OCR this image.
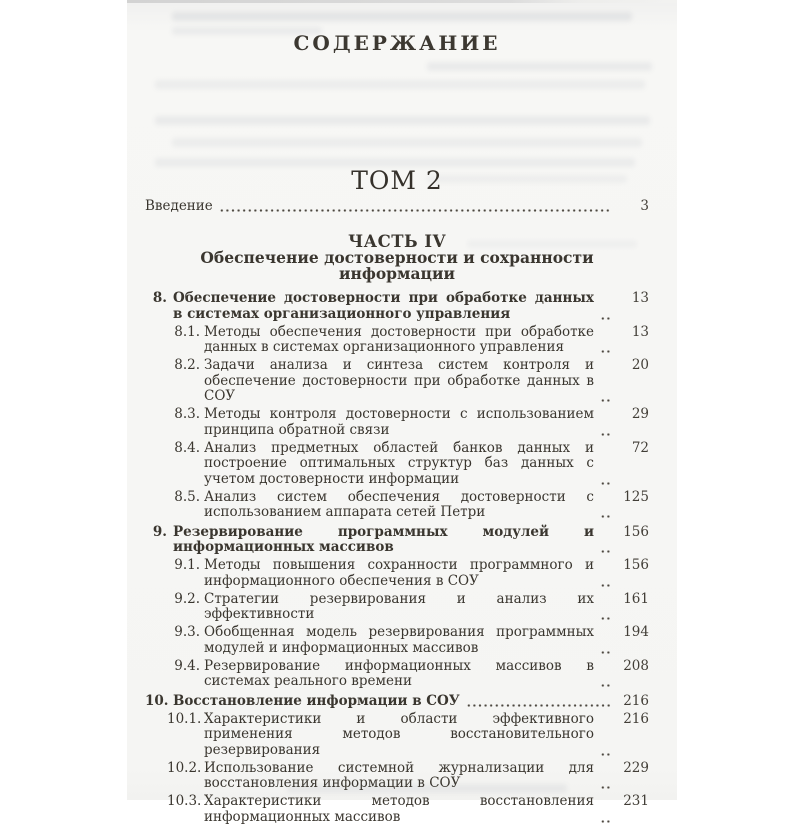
СОДЕРЖАНИЕ
ТОМ 2
Введение	3
ЧАСТЬ IV
Обеспечение достоверности и сохранности информации
8. Обеспечение достоверности при обработке данных в системах организационного управления
13
8.1. Методы обеспечения достоверности при обработке данных в системах организационного управления
13
8.2. Задачи анализа и синтеза систем контроля и обеспечение достоверности при обработке данных в СОУ
20
8.3. Методы контроля достоверности с использованием принципа обратной связи
29
8.4. Анализ предметных областей банков данных и построение оптимальных структур баз данных с учетом достоверности информации
72
8.5. Анализ систем обеспечения достоверности с использованием аппарата сетей Петри
125
9. Резервирование программных модулей и информационных массивов
156
9.1. Методы повышения сохранности программного и информационного обеспечения в СОУ
156
9.2. Стратегии резервирования и анализ их эффективности
161
9.3. Обобщенная модель резервирования программных модулей и информационных массивов
194
9.4. Резервирование информационных массивов в системах реального времени
208
10. Восстановление информации в СОУ	216
10.1. Характеристики и области эффективного применения методов восстановительного резервирования
216
10.2. Использование системной журнализации для восстановления информации в СОУ
229
10.3. Характеристики методов восстановления информационных массивов
231
